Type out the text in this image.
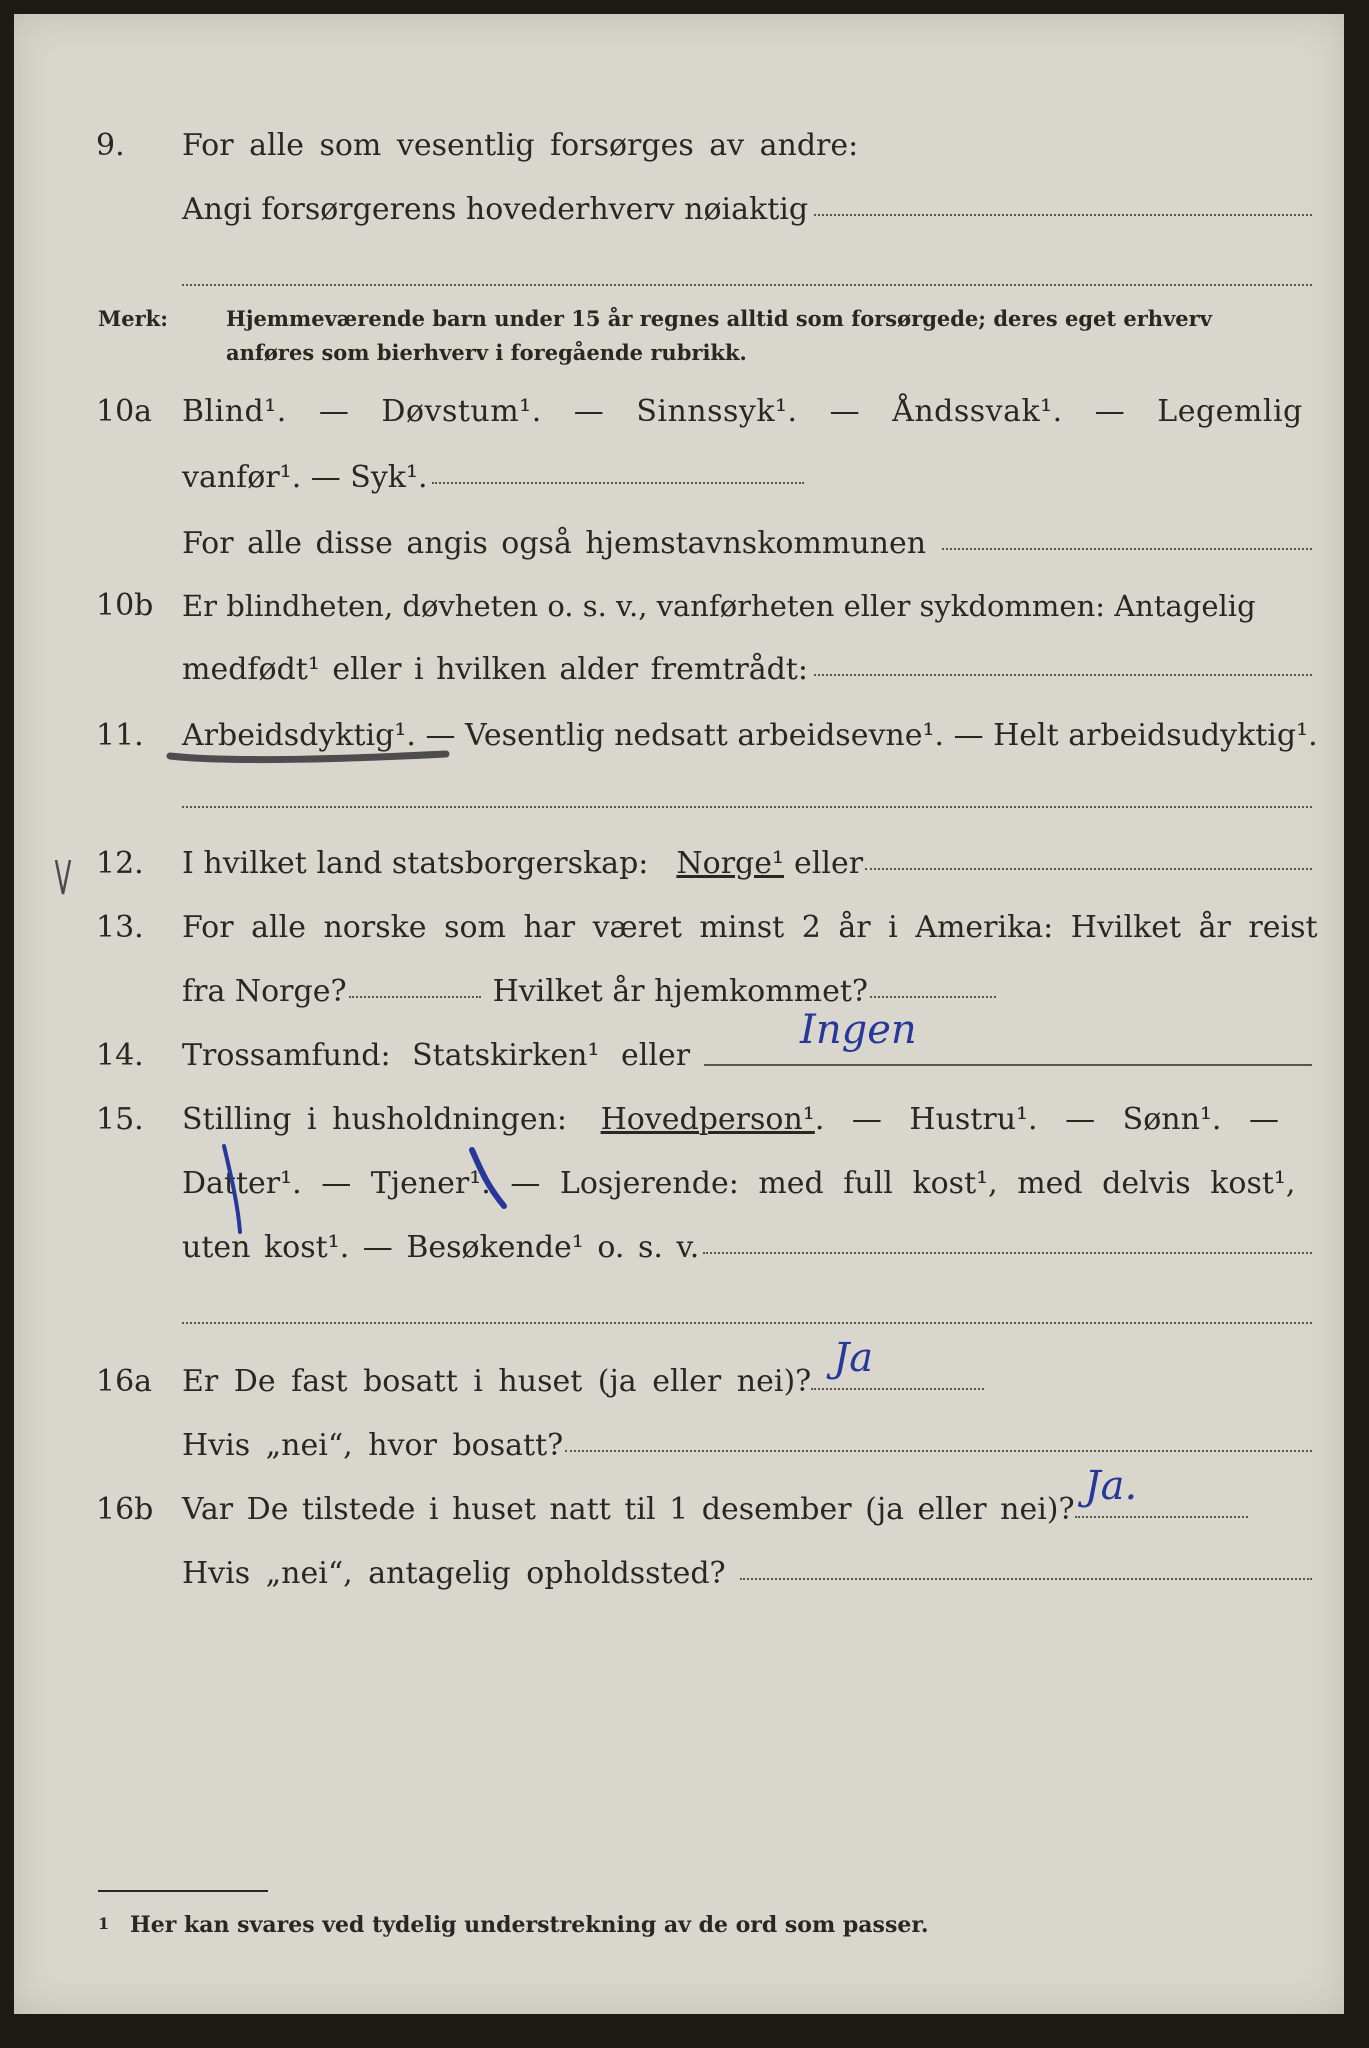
9. For alle som vesentlig forsørges av andre:
Angi forsørgerens hovederhverv nøiaktig
Merk:	Hjemmeværende barn under 15 år regnes alltid som forsørgede; deres eget erhverv
anføres som bierhverv i foregående rubrikk.
10a Blind¹. — Døvstum¹. — Sinnssyk¹. — Åndssvak¹. — Legemlig
vanfør¹. — Syk¹.
For alle disse angis også hjemstavnskommunen
10b Er blindheten, døvheten o. s. v., vanførheten eller sykdommen: Antagelig
medfødt¹ eller i hvilken alder fremtrådt:
11. Arbeidsdyktig¹. — Vesentlig nedsatt arbeidsevne¹. — Helt arbeidsudyktig¹.
12. I hvilket land statsborgerskap: Norge¹ eller
13. For alle norske som har været minst 2 år i Amerika: Hvilket år reist
fra Norge?	Hvilket år hjemkommet?
14. Trossamfund: Statskirken¹ eller
Ingen
15. Stilling i husholdningen: Hovedperson¹. — Hustru¹. — Sønn¹. —
Datter¹. — Tjener¹. — Losjerende: med full kost¹, med delvis kost¹,
uten kost¹. — Besøkende¹ o. s. v.
16a Er De fast bosatt i huset (ja eller nei)?
Ja
Hvis „nei“, hvor bosatt?
16b Var De tilstede i huset natt til 1 desember (ja eller nei)?
Ja.
Hvis „nei“, antagelig opholdssted?
1 Her kan svares ved tydelig understrekning av de ord som passer.
